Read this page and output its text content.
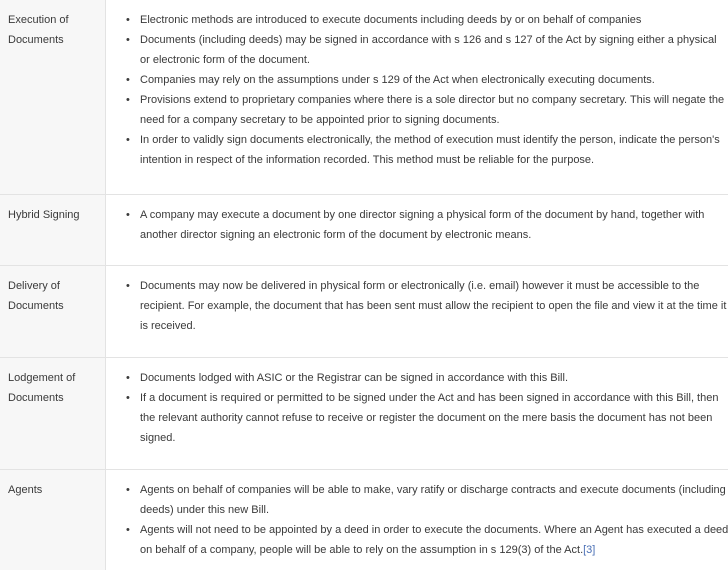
Execution of
Documents
• Electronic methods are introduced to execute documents including deeds by or on behalf of companies
• Documents (including deeds) may be signed in accordance with s 126 and s 127 of the Act by signing either a physical
or electronic form of the document.
• Companies may rely on the assumptions under s 129 of the Act when electronically executing documents.
• Provisions extend to proprietary companies where there is a sole director but no company secretary. This will negate the
need for a company secretary to be appointed prior to signing documents.
• In order to validly sign documents electronically, the method of execution must identify the person, indicate the person's
intention in respect of the information recorded. This method must be reliable for the purpose.
Hybrid Signing	• A company may execute a document by one director signing a physical form of the document by hand, together with
another director signing an electronic form of the document by electronic means.
Delivery of
Documents
• Documents may now be delivered in physical form or electronically (i.e. email) however it must be accessible to the
recipient. For example, the document that has been sent must allow the recipient to open the file and view it at the time it
is received.
Lodgement of
Documents
• Documents lodged with ASIC or the Registrar can be signed in accordance with this Bill.
• If a document is required or permitted to be signed under the Act and has been signed in accordance with this Bill, then
the relevant authority cannot refuse to receive or register the document on the mere basis the document has not been
signed.
Agents	• Agents on behalf of companies will be able to make, vary ratify or discharge contracts and execute documents (including
deeds) under this new Bill.
• Agents will not need to be appointed by a deed in order to execute the documents. Where an Agent has executed a deed
on behalf of a company, people will be able to rely on the assumption in s 129(3) of the Act.[3]
